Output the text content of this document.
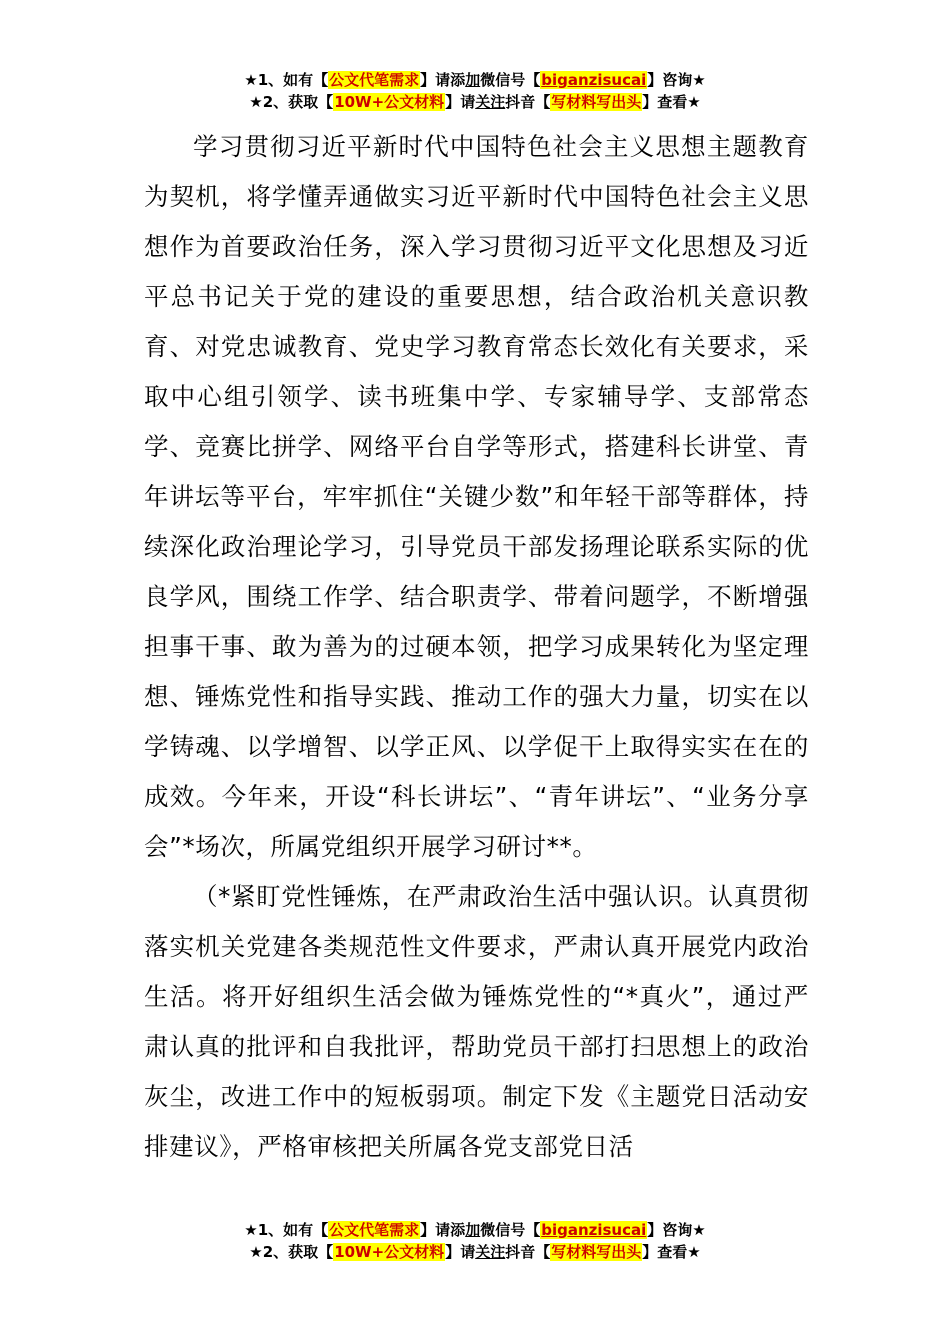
★1、如有【公文代笔需求】请添加微信号【biganzisucai】咨询★
★2、获取【10W+公文材料】请关注抖音【写材料写出头】查看★

学习贯彻习近平新时代中国特色社会主义思想主题教育为契机，将学懂弄通做实习近平新时代中国特色社会主义思想作为首要政治任务，深入学习贯彻习近平文化思想及习近平总书记关于党的建设的重要思想，结合政治机关意识教育、对党忠诚教育、党史学习教育常态长效化有关要求，采取中心组引领学、读书班集中学、专家辅导学、支部常态学、竞赛比拼学、网络平台自学等形式，搭建科长讲堂、青年讲坛等平台，牢牢抓住“关键少数”和年轻干部等群体，持续深化政治理论学习，引导党员干部发扬理论联系实际的优良学风，围绕工作学、结合职责学、带着问题学，不断增强担事干事、敢为善为的过硬本领，把学习成果转化为坚定理想、锤炼党性和指导实践、推动工作的强大力量，切实在以学铸魂、以学增智、以学正风、以学促干上取得实实在在的成效。今年来，开设“科长讲坛”、“青年讲坛”、“业务分享会”*场次，所属党组织开展学习研讨**。

（*紧盯党性锤炼，在严肃政治生活中强认识。认真贯彻落实机关党建各类规范性文件要求，严肃认真开展党内政治生活。将开好组织生活会做为锤炼党性的“*真火”，通过严肃认真的批评和自我批评，帮助党员干部打扫思想上的政治灰尘，改进工作中的短板弱项。制定下发《主题党日活动安排建议》，严格审核把关所属各党支部党日活

★1、如有【公文代笔需求】请添加微信号【biganzisucai】咨询★
★2、获取【10W+公文材料】请关注抖音【写材料写出头】查看★
